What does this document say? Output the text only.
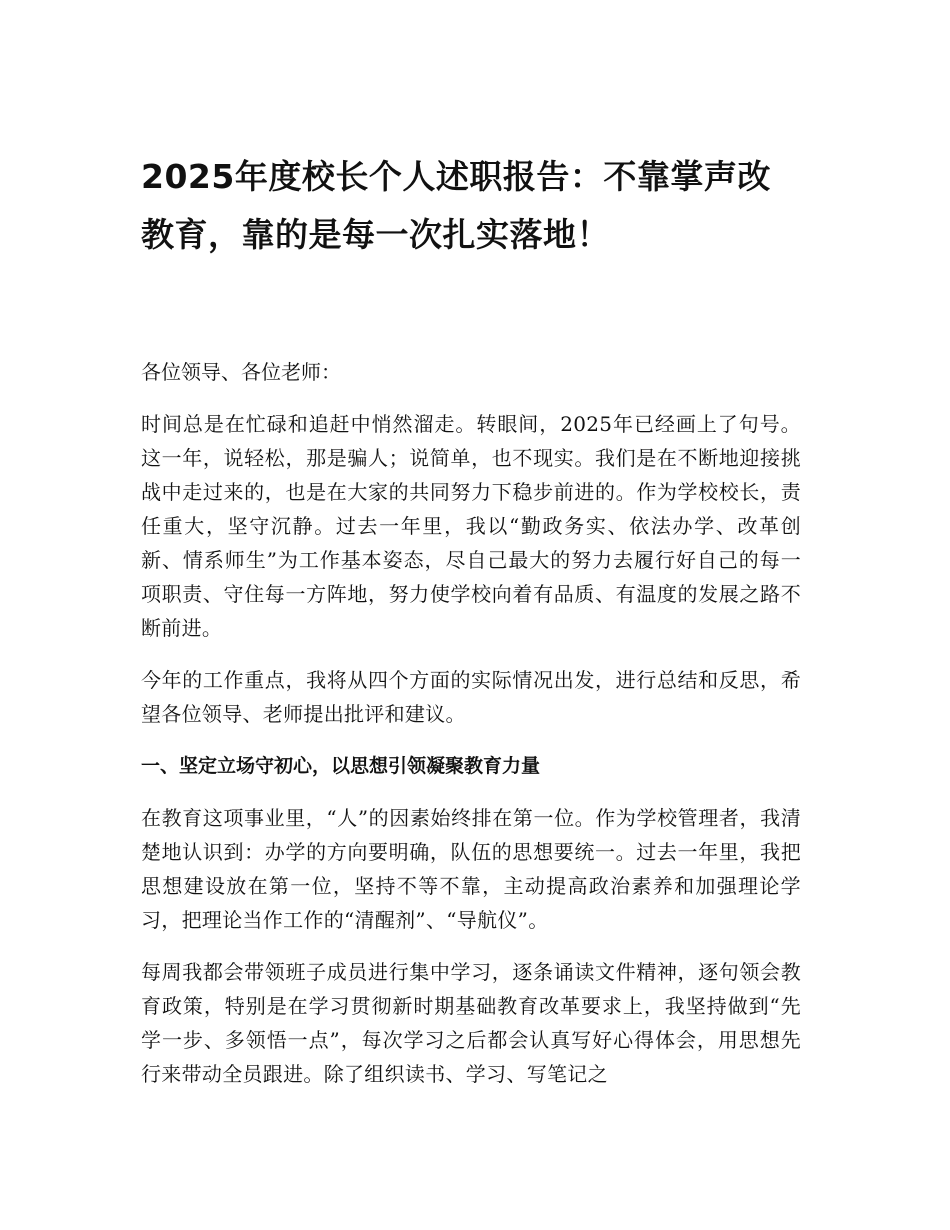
2025年度校长个人述职报告：不靠掌声改教育，靠的是每一次扎实落地！

各位领导、各位老师：

时间总是在忙碌和追赶中悄然溜走。转眼间，2025年已经画上了句号。这一年，说轻松，那是骗人；说简单，也不现实。我们是在不断地迎接挑战中走过来的，也是在大家的共同努力下稳步前进的。作为学校校长，责任重大，坚守沉静。过去一年里，我以“勤政务实、依法办学、改革创新、情系师生”为工作基本姿态，尽自己最大的努力去履行好自己的每一项职责、守住每一方阵地，努力使学校向着有品质、有温度的发展之路不断前进。

今年的工作重点，我将从四个方面的实际情况出发，进行总结和反思，希望各位领导、老师提出批评和建议。

一、坚定立场守初心，以思想引领凝聚教育力量

在教育这项事业里，“人”的因素始终排在第一位。作为学校管理者，我清楚地认识到：办学的方向要明确，队伍的思想要统一。过去一年里，我把思想建设放在第一位，坚持不等不靠，主动提高政治素养和加强理论学习，把理论当作工作的“清醒剂”、“导航仪”。

每周我都会带领班子成员进行集中学习，逐条诵读文件精神，逐句领会教育政策，特别是在学习贯彻新时期基础教育改革要求上，我坚持做到“先学一步、多领悟一点”，每次学习之后都会认真写好心得体会，用思想先行来带动全员跟进。除了组织读书、学习、写笔记之
